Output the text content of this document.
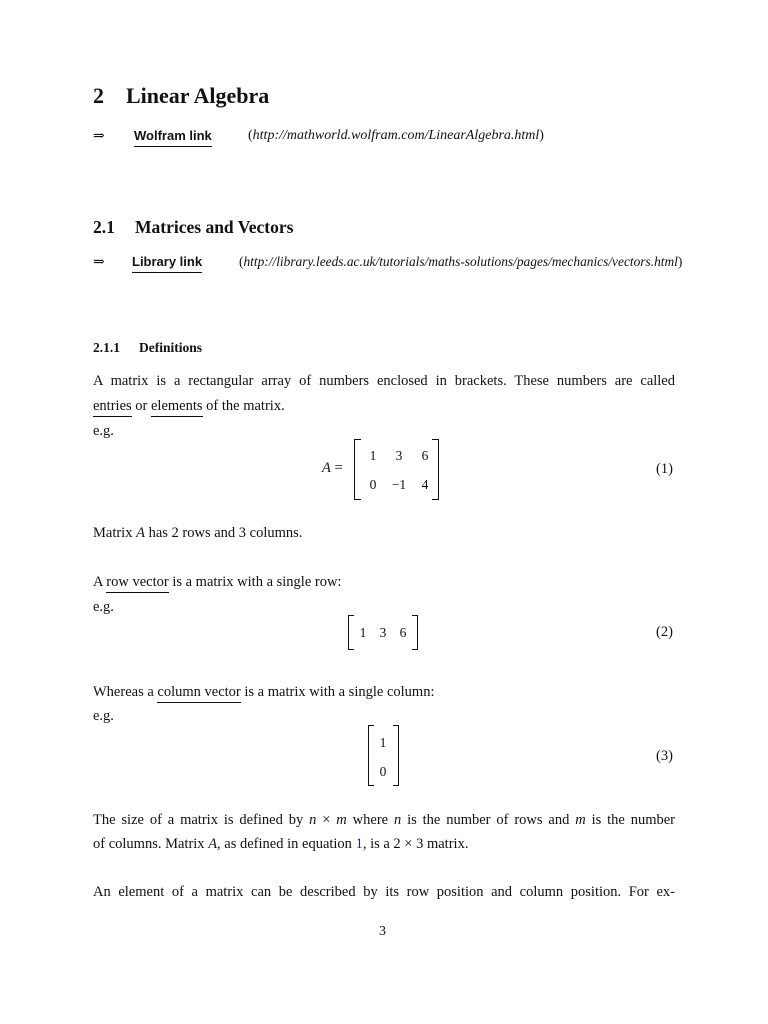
2 Linear Algebra
⇒ Wolfram link	(http://mathworld.wolfram.com/LinearAlgebra.html)
2.1 Matrices and Vectors
⇒ Library link	(http://library.leeds.ac.uk/tutorials/maths-solutions/pages/mechanics/vectors.html)
2.1.1 Definitions
A matrix is a rectangular array of numbers enclosed in brackets. These numbers are called
entries or elements of the matrix.
e.g.
A =
1	3	6
0	−1	4
(1)
Matrix A has 2 rows and 3 columns.
A row vector is a matrix with a single row:
e.g.
1 3 6	(2)
Whereas a column vector is a matrix with a single column:
e.g.
1
0
(3)
The size of a matrix is defined by n × m where n is the number of rows and m is the number
of columns. Matrix A, as defined in equation 1, is a 2 × 3 matrix.
An element of a matrix can be described by its row position and column position. For ex-
3
